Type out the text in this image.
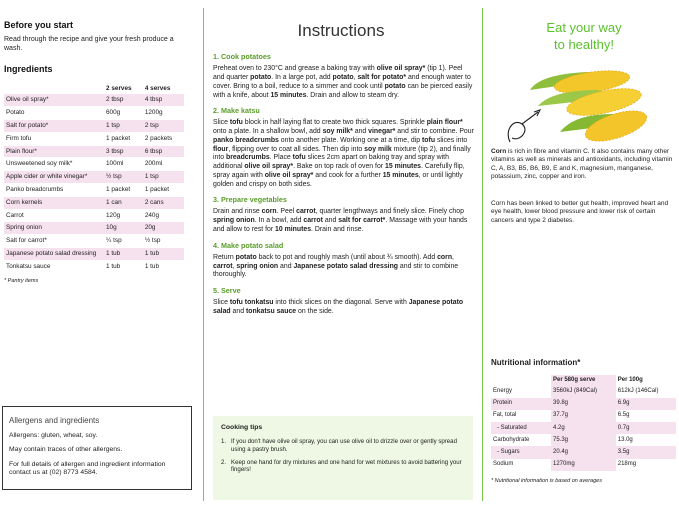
Before you start
Read through the recipe and give your fresh produce a wash.
Ingredients
	2 serves	4 serves
Olive oil spray*	2 tbsp	4 tbsp
Potato	600g	1200g
Salt for potato*	1 tsp	2 tsp
Firm tofu	1 packet	2 packets
Plain flour*	3 tbsp	6 tbsp
Unsweetened soy milk*	100ml	200ml
Apple cider or white vinegar*	½ tsp	1 tsp
Panko breadcrumbs	1 packet	1 packet
Corn kernels	1 can	2 cans
Carrot	120g	240g
Spring onion	10g	20g
Salt for carrot*	¼ tsp	½ tsp
Japanese potato salad dressing	1 tub	1 tub
Tonkatsu sauce	1 tub	1 tub
* Pantry items
Allergens and ingredients
Allergens: gluten, wheat, soy.
May contain traces of other allergens.
For full details of allergen and ingredient information contact us at (02) 8773 4584.
Instructions
1. Cook potatoes

Preheat oven to 230°C and grease a baking tray with olive oil spray* (tip 1). Peel and quarter potato. In a large pot, add potato, salt for potato* and enough water to cover. Bring to a boil, reduce to a simmer and cook until potato can be pierced easily with a knife, about 15 minutes. Drain and allow to steam dry.

2. Make katsu

Slice tofu block in half laying flat to create two thick squares. Sprinkle plain flour* onto a plate. In a shallow bowl, add soy milk* and vinegar* and stir to combine. Pour panko breadcrumbs onto another plate. Working one at a time, dip tofu slices into flour, flipping over to coat all sides. Then dip into soy milk mixture (tip 2), and finally into breadcrumbs. Place tofu slices 2cm apart on baking tray and spray with additional olive oil spray*. Bake on top rack of oven for 15 minutes. Carefully flip, spray again with olive oil spray* and cook for a further 15 minutes, or until lightly golden and crispy on both sides.

3. Prepare vegetables

Drain and rinse corn. Peel carrot, quarter lengthways and finely slice. Finely chop spring onion. In a bowl, add carrot and salt for carrot*. Massage with your hands and allow to rest for 10 minutes. Drain and rinse.

4. Make potato salad

Return potato back to pot and roughly mash (until about ¾ smooth). Add corn, carrot, spring onion and Japanese potato salad dressing and stir to combine thoroughly.

5. Serve

Slice tofu tonkatsu into thick slices on the diagonal. Serve with Japanese potato salad and tonkatsu sauce on the side.

Cooking tips
1. If you don't have olive oil spray, you can use olive oil to drizzle over or gently spread using a pastry brush.
2. Keep one hand for dry mixtures and one hand for wet mixtures to avoid battering your fingers!
Eat your way
to healthy!

Corn is rich in fibre and vitamin C. It also contains many other vitamins as well as minerals and antioxidants, including vitamin C, A, B3, B5, B6, B9, E and K, magnesium, manganese, potassium, zinc, copper and iron.

Corn has been linked to better gut health, improved heart and eye health, lower blood pressure and lower risk of certain cancers and type 2 diabetes.

Nutritional information*
	Per 580g serve	Per 100g
Energy	3560kJ (849Cal)	612kJ (146Cal)
Protein	39.8g	6.9g
Fat, total	37.7g	6.5g
- Saturated	4.2g	0.7g
Carbohydrate	75.3g	13.0g
- Sugars	20.4g	3.5g
Sodium	1270mg	218mg
* Nutritional information is based on averages
